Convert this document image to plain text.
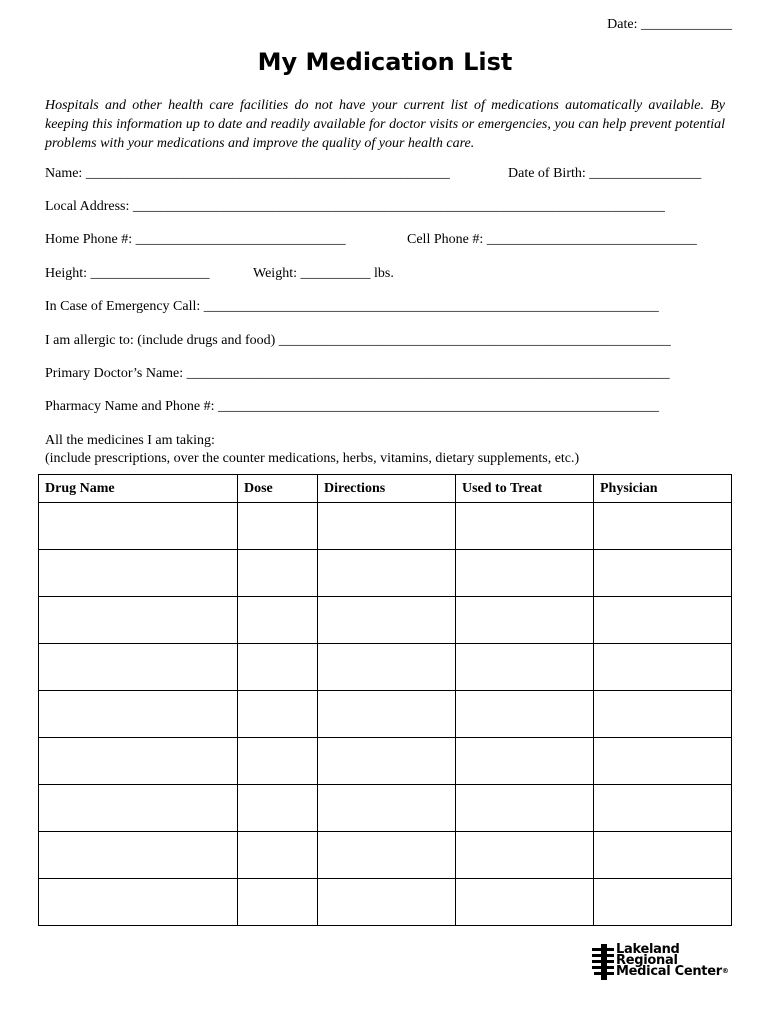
Date: _____________
My Medication List
Hospitals and other health care facilities do not have your current list of medications automatically available. By keeping this information up to date and readily available for doctor visits or emergencies, you can help prevent potential problems with your medications and improve the quality of your health care.
Name: ____________________________________________________	Date of Birth: ________________
Local Address: ____________________________________________________________________________
Home Phone #: ______________________________	Cell Phone #: ______________________________
Height: _________________	Weight: __________ lbs.
In Case of Emergency Call: _________________________________________________________________
I am allergic to: (include drugs and food) ________________________________________________________
Primary Doctor’s Name: _____________________________________________________________________
Pharmacy Name and Phone #: _______________________________________________________________
All the medicines I am taking:
(include prescriptions, over the counter medications, herbs, vitamins, dietary supplements, etc.)
Drug Name	Dose	Directions	Used to Treat	Physician

Lakeland
Regional
Medical Center®
